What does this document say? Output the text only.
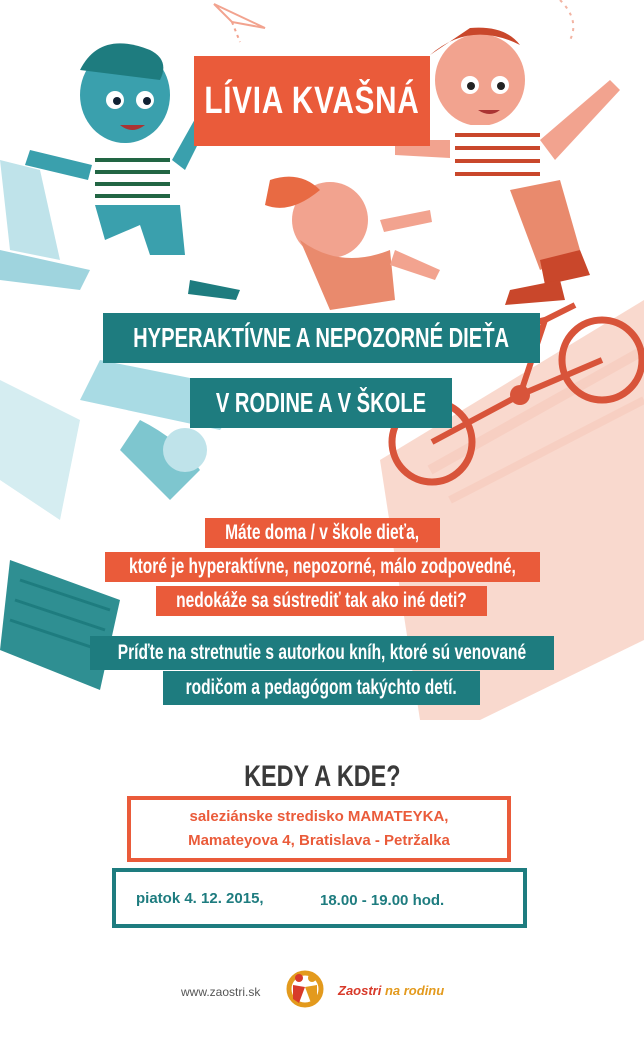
LÍVIA KVAŠNÁ
HYPERAKTÍVNE A NEPOZORNÉ DIEŤA
V RODINE A V ŠKOLE
Máte doma / v škole dieťa,
ktoré je hyperaktívne, nepozorné, málo zodpovedné,
nedokáže sa sústrediť tak ako iné deti?
Príďte na stretnutie s autorkou kníh, ktoré sú venované
rodičom a pedagógom takýchto detí.
KEDY A KDE?
saleziánske stredisko MAMATEYKA,
Mamateyova 4, Bratislava - Petržalka
piatok 4. 12. 2015,	18.00 - 19.00 hod.
www.zaostri.sk	Zaostri na rodinu
